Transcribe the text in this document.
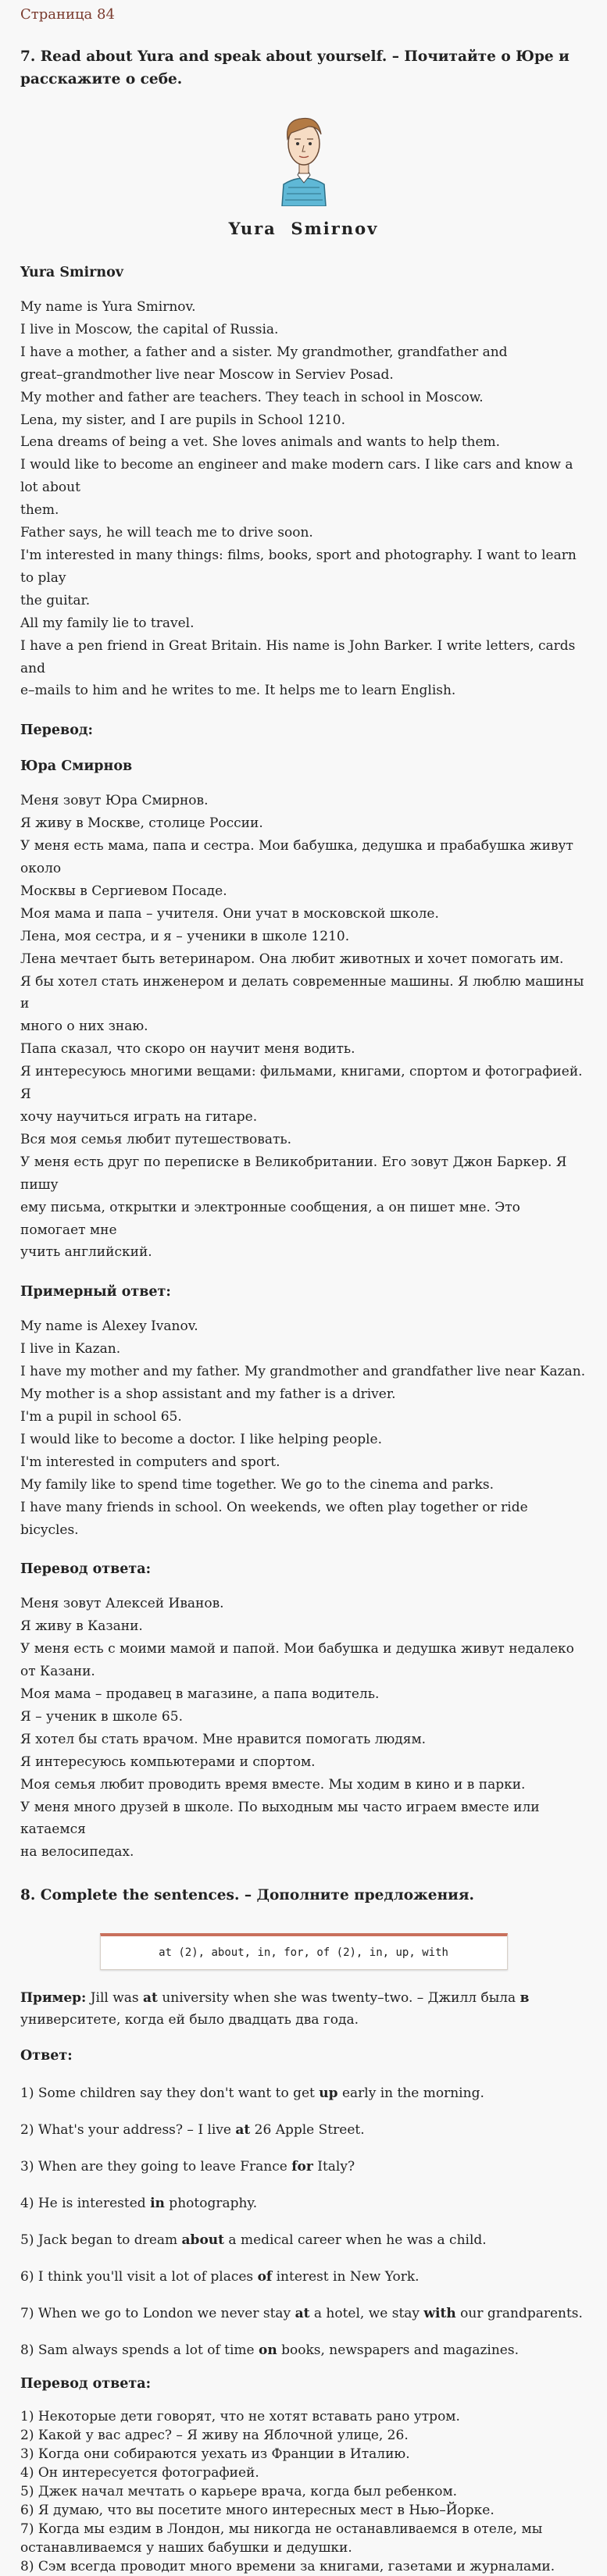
Страница 84
7. Read about Yura and speak about yourself. – Почитайте о Юре и расскажите о себе.
Yura  Smirnov
Yura Smirnov
My name is Yura Smirnov.
I live in Moscow, the capital of Russia.
I have a mother, a father and a sister. My grandmother, grandfather and
great–grandmother live near Moscow in Serviev Posad.
My mother and father are teachers. They teach in school in Moscow.
Lena, my sister, and I are pupils in School 1210.
Lena dreams of being a vet. She loves animals and wants to help them.
I would like to become an engineer and make modern cars. I like cars and know a lot about
them.
Father says, he will teach me to drive soon.
I'm interested in many things: films, books, sport and photography. I want to learn to play
the guitar.
All my family lie to travel.
I have a pen friend in Great Britain. His name is John Barker. I write letters, cards and
e–mails to him and he writes to me. It helps me to learn English.
Перевод:
Юра Смирнов
Меня зовут Юра Смирнов.
Я живу в Москве, столице России.
У меня есть мама, папа и сестра. Мои бабушка, дедушка и прабабушка живут около
Москвы в Сергиевом Посаде.
Моя мама и папа – учителя. Они учат в московской школе.
Лена, моя сестра, и я – ученики в школе 1210.
Лена мечтает быть ветеринаром. Она любит животных и хочет помогать им.
Я бы хотел стать инженером и делать современные машины. Я люблю машины и
много о них знаю.
Папа сказал, что скоро он научит меня водить.
Я интересуюсь многими вещами: фильмами, книгами, спортом и фотографией. Я
хочу научиться играть на гитаре.
Вся моя семья любит путешествовать.
У меня есть друг по переписке в Великобритании. Его зовут Джон Баркер. Я пишу
ему письма, открытки и электронные сообщения, а он пишет мне. Это помогает мне
учить английский.
Примерный ответ:
My name is Alexey Ivanov.
I live in Kazan.
I have my mother and my father. My grandmother and grandfather live near Kazan.
My mother is a shop assistant and my father is a driver.
I'm a pupil in school 65.
I would like to become a doctor. I like helping people.
I'm interested in computers and sport.
My family like to spend time together. We go to the cinema and parks.
I have many friends in school. On weekends, we often play together or ride bicycles.
Перевод ответа:
Меня зовут Алексей Иванов.
Я живу в Казани.
У меня есть с моими мамой и папой. Мои бабушка и дедушка живут недалеко от Казани.
Моя мама – продавец в магазине, а папа водитель.
Я – ученик в школе 65.
Я хотел бы стать врачом. Мне нравится помогать людям.
Я интересуюсь компьютерами и спортом.
Моя семья любит проводить время вместе. Мы ходим в кино и в парки.
У меня много друзей в школе. По выходным мы часто играем вместе или катаемся
на велосипедах.
8. Complete the sentences. – Дополните предложения.
at (2), about, in, for, of (2), in, up, with
Пример: Jill was at university when she was twenty–two. – Джилл была в университете, когда ей было двадцать два года.
Ответ:
1) Some children say they don't want to get up early in the morning.
2) What's your address? – I live at 26 Apple Street.
3) When are they going to leave France for Italy?
4) He is interested in photography.
5) Jack began to dream about a medical career when he was a child.
6) I think you'll visit a lot of places of interest in New York.
7) When we go to London we never stay at a hotel, we stay with our grandparents.
8) Sam always spends a lot of time on books, newspapers and magazines.
Перевод ответа:
1) Некоторые дети говорят, что не хотят вставать рано утром.
2) Какой у вас адрес? – Я живу на Яблочной улице, 26.
3) Когда они собираются уехать из Франции в Италию.
4) Он интересуется фотографией.
5) Джек начал мечтать о карьере врача, когда был ребенком.
6) Я думаю, что вы посетите много интересных мест в Нью–Йорке.
7) Когда мы ездим в Лондон, мы никогда не останавливаемся в отеле, мы
останавливаемся у наших бабушки и дедушки.
8) Сэм всегда проводит много времени за книгами, газетами и журналами.
